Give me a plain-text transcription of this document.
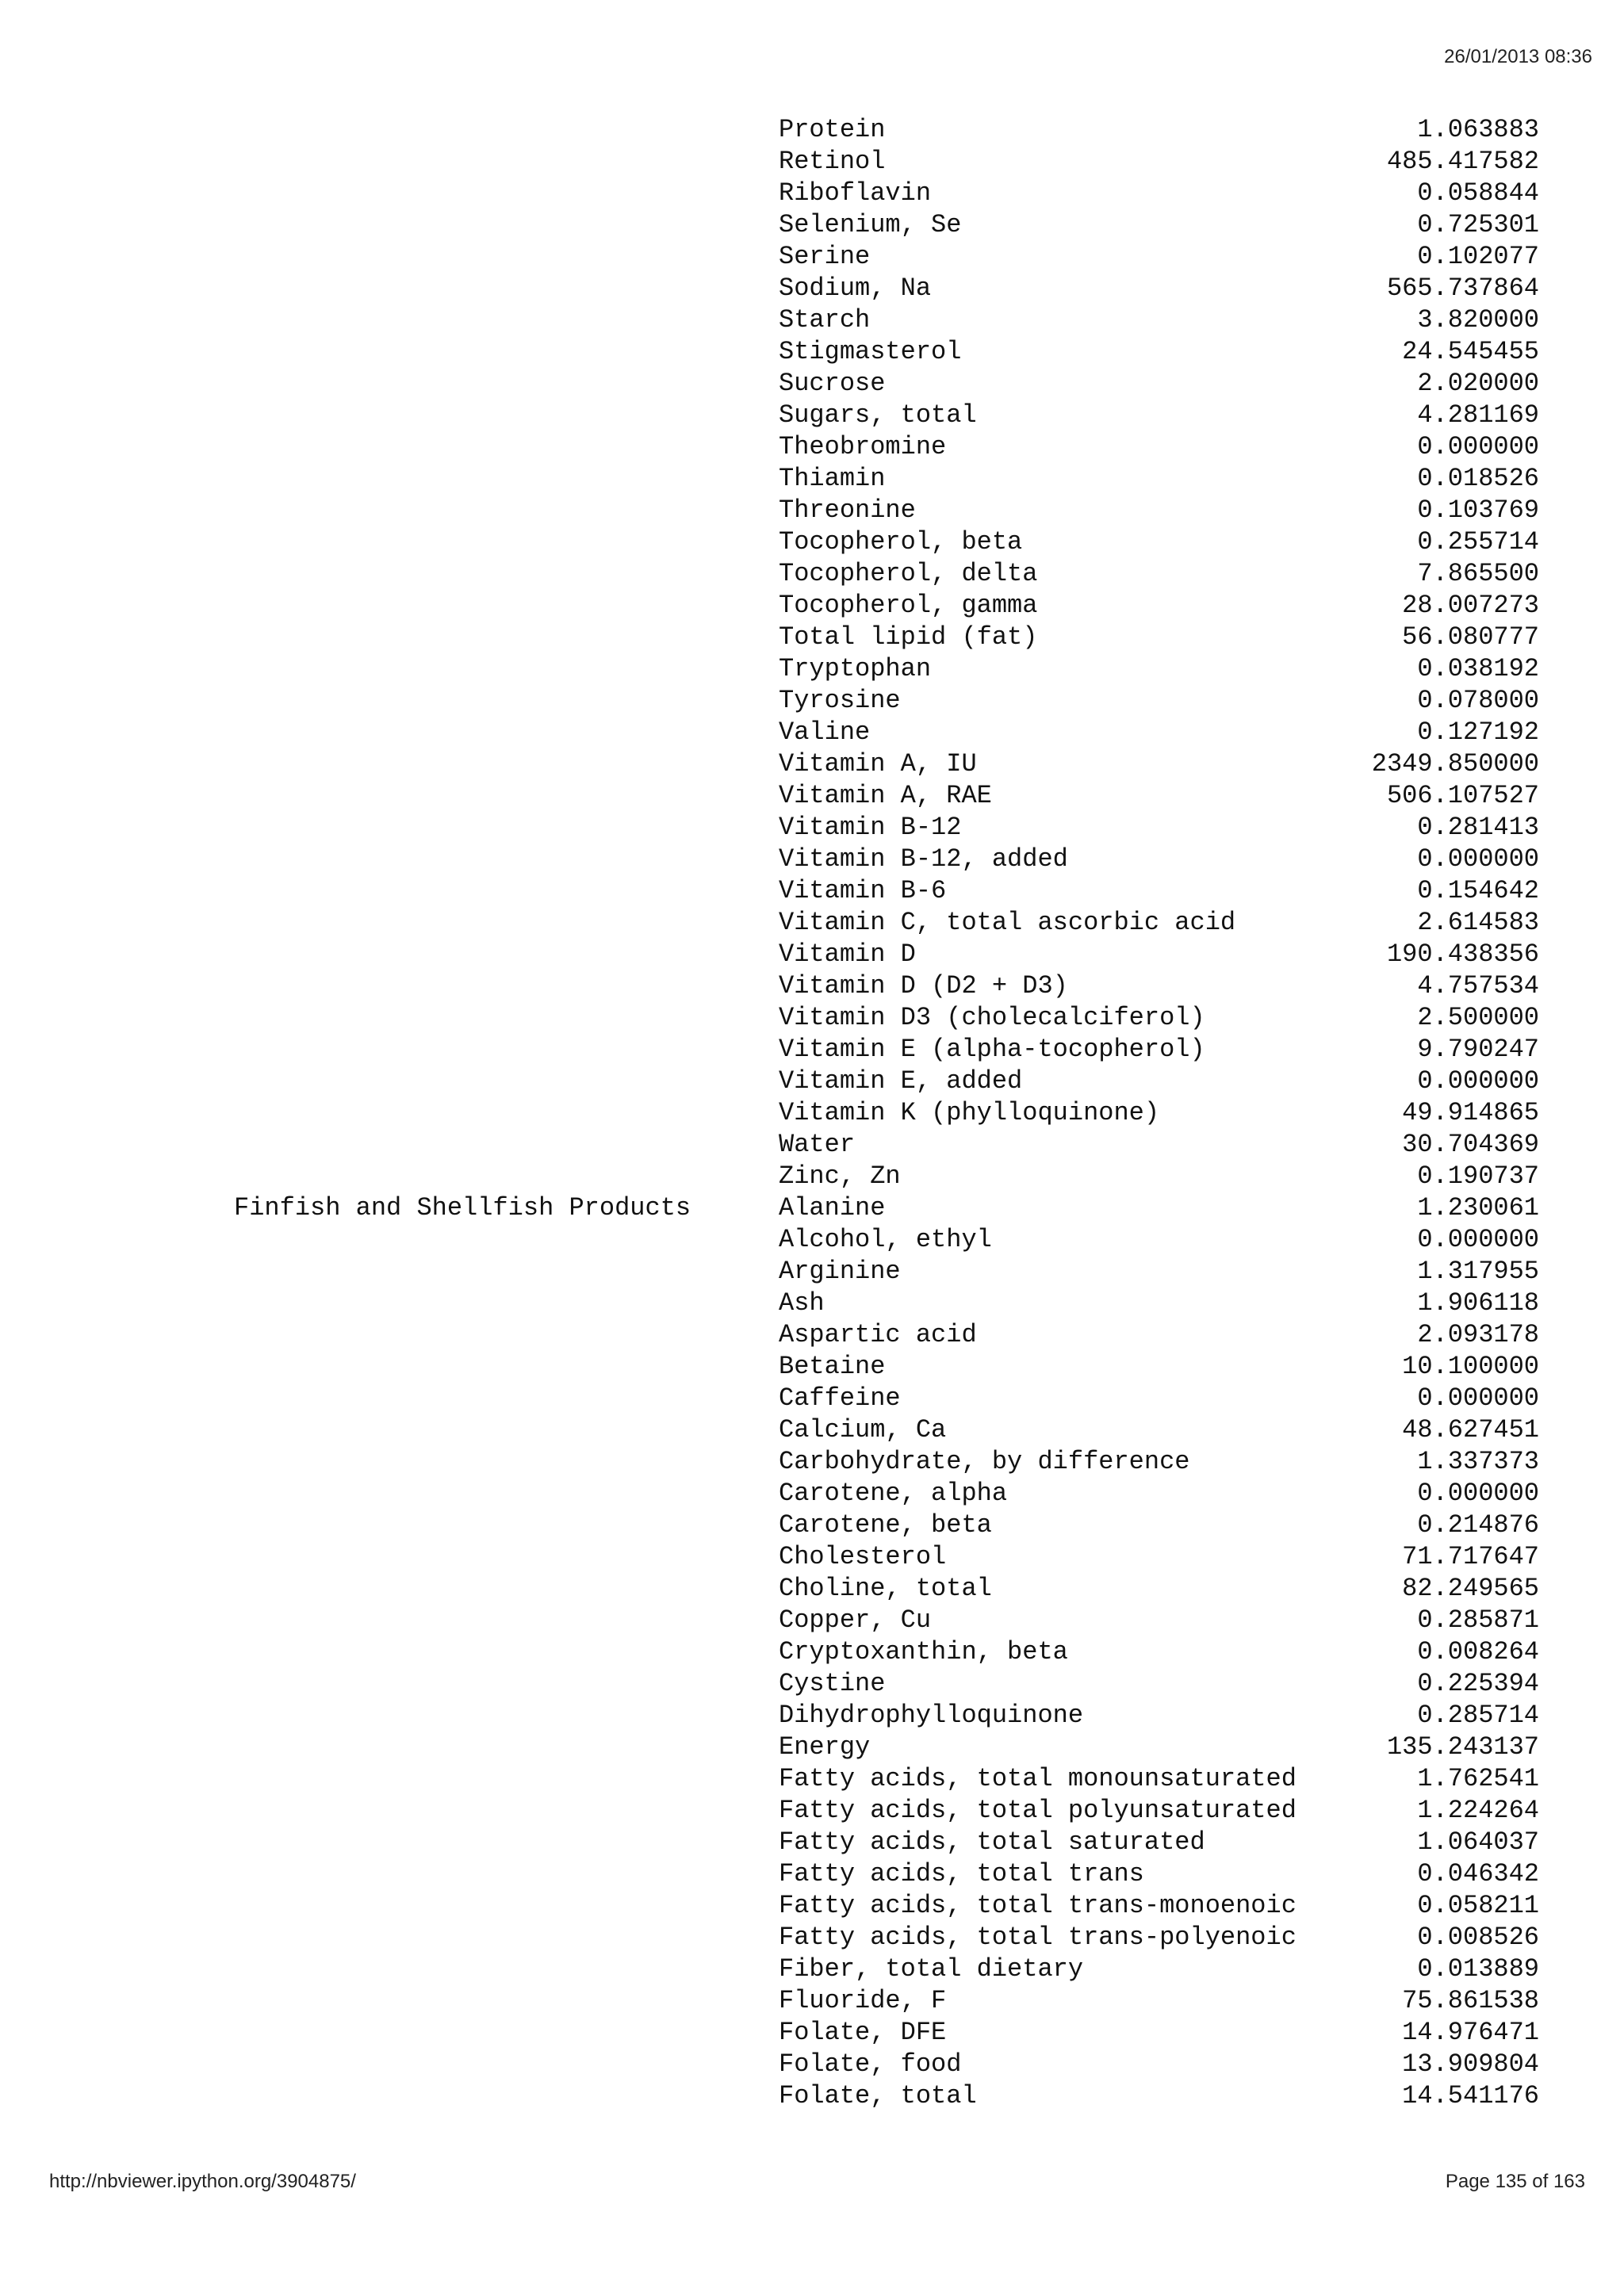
26/01/2013 08:36
Protein	1.063883
Retinol	485.417582
Riboflavin	0.058844
Selenium, Se	0.725301
Serine	0.102077
Sodium, Na	565.737864
Starch	3.820000
Stigmasterol	24.545455
Sucrose	2.020000
Sugars, total	4.281169
Theobromine	0.000000
Thiamin	0.018526
Threonine	0.103769
Tocopherol, beta	0.255714
Tocopherol, delta	7.865500
Tocopherol, gamma	28.007273
Total lipid (fat)	56.080777
Tryptophan	0.038192
Tyrosine	0.078000
Valine	0.127192
Vitamin A, IU	2349.850000
Vitamin A, RAE	506.107527
Vitamin B-12	0.281413
Vitamin B-12, added	0.000000
Vitamin B-6	0.154642
Vitamin C, total ascorbic acid	2.614583
Vitamin D	190.438356
Vitamin D (D2 + D3)	4.757534
Vitamin D3 (cholecalciferol)	2.500000
Vitamin E (alpha-tocopherol)	9.790247
Vitamin E, added	0.000000
Vitamin K (phylloquinone)	49.914865
Water	30.704369
Zinc, Zn	0.190737
Finfish and Shellfish Products	Alanine	1.230061
Alcohol, ethyl	0.000000
Arginine	1.317955
Ash	1.906118
Aspartic acid	2.093178
Betaine	10.100000
Caffeine	0.000000
Calcium, Ca	48.627451
Carbohydrate, by difference	1.337373
Carotene, alpha	0.000000
Carotene, beta	0.214876
Cholesterol	71.717647
Choline, total	82.249565
Copper, Cu	0.285871
Cryptoxanthin, beta	0.008264
Cystine	0.225394
Dihydrophylloquinone	0.285714
Energy	135.243137
Fatty acids, total monounsaturated	1.762541
Fatty acids, total polyunsaturated	1.224264
Fatty acids, total saturated	1.064037
Fatty acids, total trans	0.046342
Fatty acids, total trans-monoenoic	0.058211
Fatty acids, total trans-polyenoic	0.008526
Fiber, total dietary	0.013889
Fluoride, F	75.861538
Folate, DFE	14.976471
Folate, food	13.909804
Folate, total	14.541176
http://nbviewer.ipython.org/3904875/	Page 135 of 163
